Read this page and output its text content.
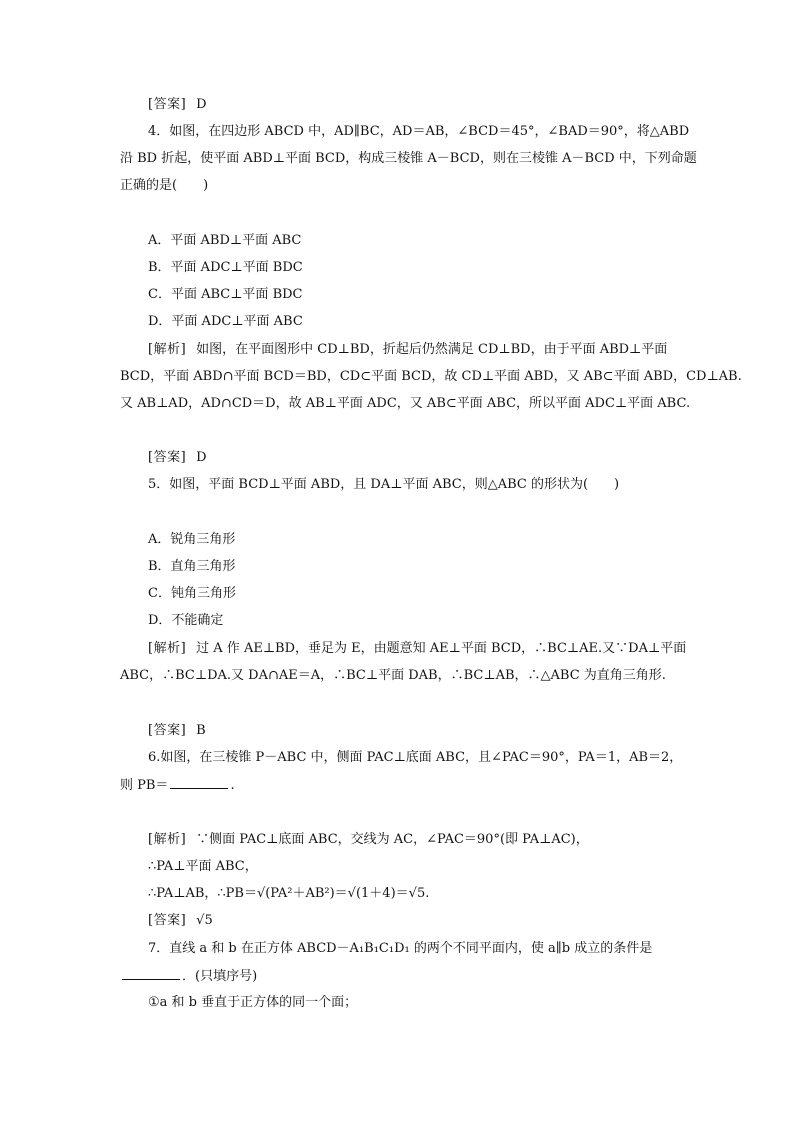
[答案] D
4．如图，在四边形 ABCD 中，AD∥BC，AD＝AB，∠BCD＝45°，∠BAD＝90°，将△ABD
沿 BD 折起，使平面 ABD⊥平面 BCD，构成三棱锥 A－BCD，则在三棱锥 A－BCD 中，下列命题
正确的是(　　)
A．平面 ABD⊥平面 ABC
B．平面 ADC⊥平面 BDC
C．平面 ABC⊥平面 BDC
D．平面 ADC⊥平面 ABC
[解析] 如图，在平面图形中 CD⊥BD，折起后仍然满足 CD⊥BD，由于平面 ABD⊥平面
BCD，平面 ABD∩平面 BCD＝BD，CD⊂平面 BCD，故 CD⊥平面 ABD，又 AB⊂平面 ABD，CD⊥AB.
又 AB⊥AD，AD∩CD＝D，故 AB⊥平面 ADC，又 AB⊂平面 ABC，所以平面 ADC⊥平面 ABC.
[答案] D
5．如图，平面 BCD⊥平面 ABD，且 DA⊥平面 ABC，则△ABC 的形状为(　　)
A．锐角三角形
B．直角三角形
C．钝角三角形
D．不能确定
[解析] 过 A 作 AE⊥BD，垂足为 E，由题意知 AE⊥平面 BCD，∴BC⊥AE.又∵DA⊥平面
ABC，∴BC⊥DA.又 DA∩AE＝A，∴BC⊥平面 DAB，∴BC⊥AB，∴△ABC 为直角三角形.
[答案] B
6.如图，在三棱锥 P－ABC 中，侧面 PAC⊥底面 ABC，且∠PAC＝90°，PA＝1，AB＝2，
则 PB＝	.
[解析] ∵侧面 PAC⊥底面 ABC，交线为 AC，∠PAC＝90°(即 PA⊥AC)，
∴PA⊥平面 ABC，
∴PA⊥AB，∴PB＝√(PA²＋AB²)＝√(1＋4)＝√5.
[答案] √5
7．直线 a 和 b 在正方体 ABCD－A₁B₁C₁D₁ 的两个不同平面内，使 a∥b 成立的条件是
．(只填序号)
①a 和 b 垂直于正方体的同一个面；
